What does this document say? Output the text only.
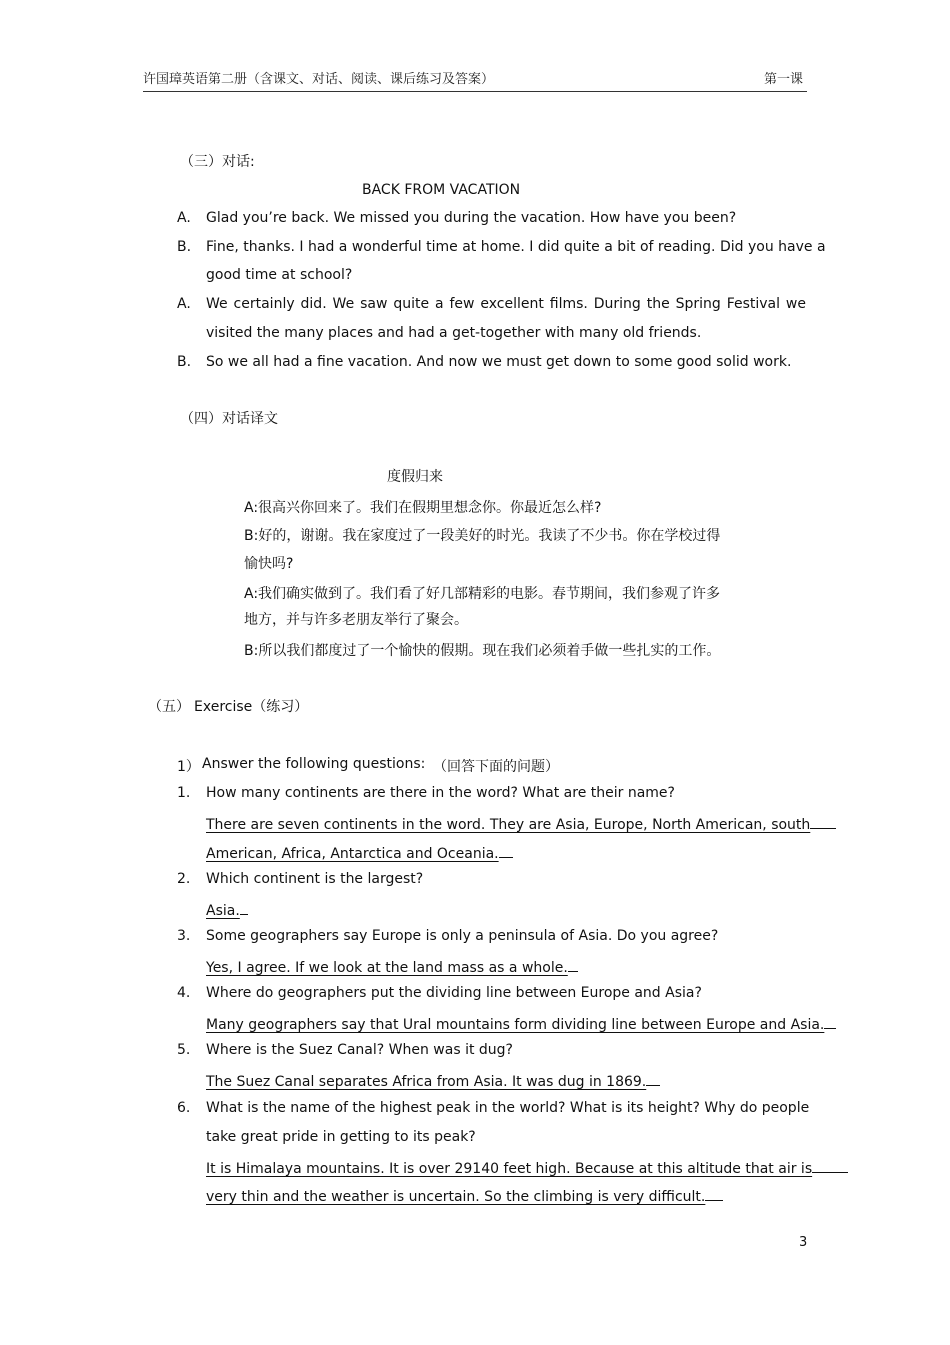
许国璋英语第二册（含课文、对话、阅读、课后练习及答案）	第一课
（三）对话:
BACK FROM VACATION
A. Glad you’re back. We missed you during the vacation. How have you been?
B. Fine, thanks. I had a wonderful time at home. I did quite a bit of reading. Did you have a
good time at school?
A. We certainly did. We saw quite a few excellent films. During the Spring Festival we
visited the many places and had a get-together with many old friends.
B. So we all had a fine vacation. And now we must get down to some good solid work.
（四）对话译文
度假归来
A:很高兴你回来了。我们在假期里想念你。你最近怎么样?
B:好的，谢谢。我在家度过了一段美好的时光。我读了不少书。你在学校过得
愉快吗?
A:我们确实做到了。我们看了好几部精彩的电影。春节期间，我们参观了许多
地方，并与许多老朋友举行了聚会。
B:所以我们都度过了一个愉快的假期。现在我们必须着手做一些扎实的工作。
（五） Exercise（练习）
1） Answer the following questions: （回答下面的问题）
1. How many continents are there in the word? What are their name?
There are seven continents in the word. They are Asia, Europe, North American, south
American, Africa, Antarctica and Oceania.
2. Which continent is the largest?
Asia.
3. Some geographers say Europe is only a peninsula of Asia. Do you agree?
Yes, I agree. If we look at the land mass as a whole.
4. Where do geographers put the dividing line between Europe and Asia?
Many geographers say that Ural mountains form dividing line between Europe and Asia.
5. Where is the Suez Canal? When was it dug?
The Suez Canal separates Africa from Asia. It was dug in 1869.
6. What is the name of the highest peak in the world? What is its height? Why do people
take great pride in getting to its peak?
It is Himalaya mountains. It is over 29140 feet high. Because at this altitude that air is
very thin and the weather is uncertain. So the climbing is very difficult.
3
